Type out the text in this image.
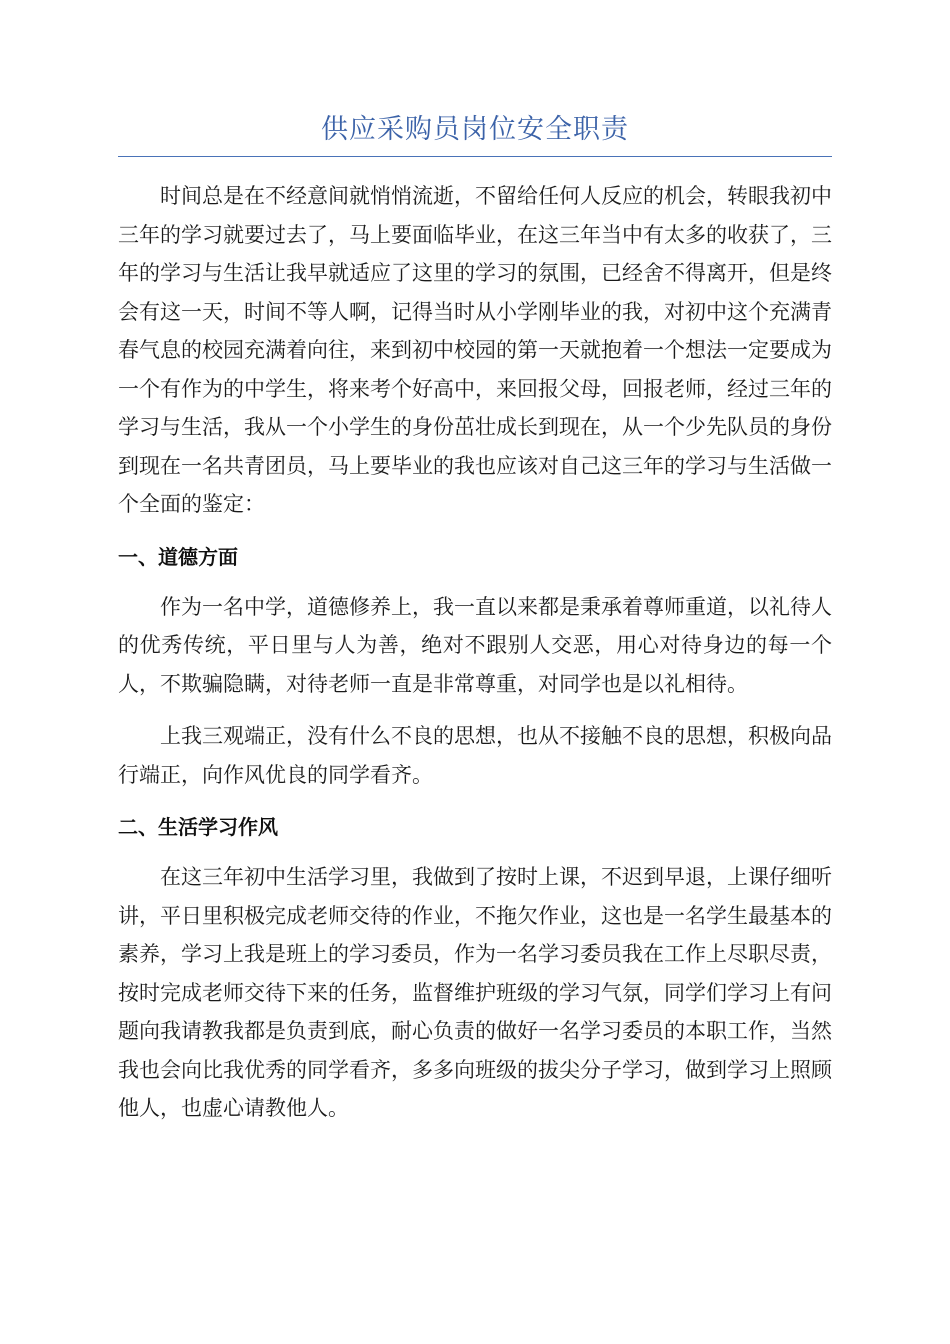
供应采购员岗位安全职责

时间总是在不经意间就悄悄流逝，不留给任何人反应的机会，转眼我初中三年的学习就要过去了，马上要面临毕业，在这三年当中有太多的收获了，三年的学习与生活让我早就适应了这里的学习的氛围，已经舍不得离开，但是终会有这一天，时间不等人啊，记得当时从小学刚毕业的我，对初中这个充满青春气息的校园充满着向往，来到初中校园的第一天就抱着一个想法一定要成为一个有作为的中学生，将来考个好高中，来回报父母，回报老师，经过三年的学习与生活，我从一个小学生的身份茁壮成长到现在，从一个少先队员的身份到现在一名共青团员，马上要毕业的我也应该对自己这三年的学习与生活做一个全面的鉴定：

一、道德方面

作为一名中学，道德修养上，我一直以来都是秉承着尊师重道，以礼待人的优秀传统，平日里与人为善，绝对不跟别人交恶，用心对待身边的每一个人，不欺骗隐瞒，对待老师一直是非常尊重，对同学也是以礼相待。

上我三观端正，没有什么不良的思想，也从不接触不良的思想，积极向品行端正，向作风优良的同学看齐。

二、生活学习作风

在这三年初中生活学习里，我做到了按时上课，不迟到早退，上课仔细听讲，平日里积极完成老师交待的作业，不拖欠作业，这也是一名学生最基本的素养，学习上我是班上的学习委员，作为一名学习委员我在工作上尽职尽责，按时完成老师交待下来的任务，监督维护班级的学习气氛，同学们学习上有问题向我请教我都是负责到底，耐心负责的做好一名学习委员的本职工作，当然我也会向比我优秀的同学看齐，多多向班级的拔尖分子学习，做到学习上照顾他人，也虚心请教他人。
